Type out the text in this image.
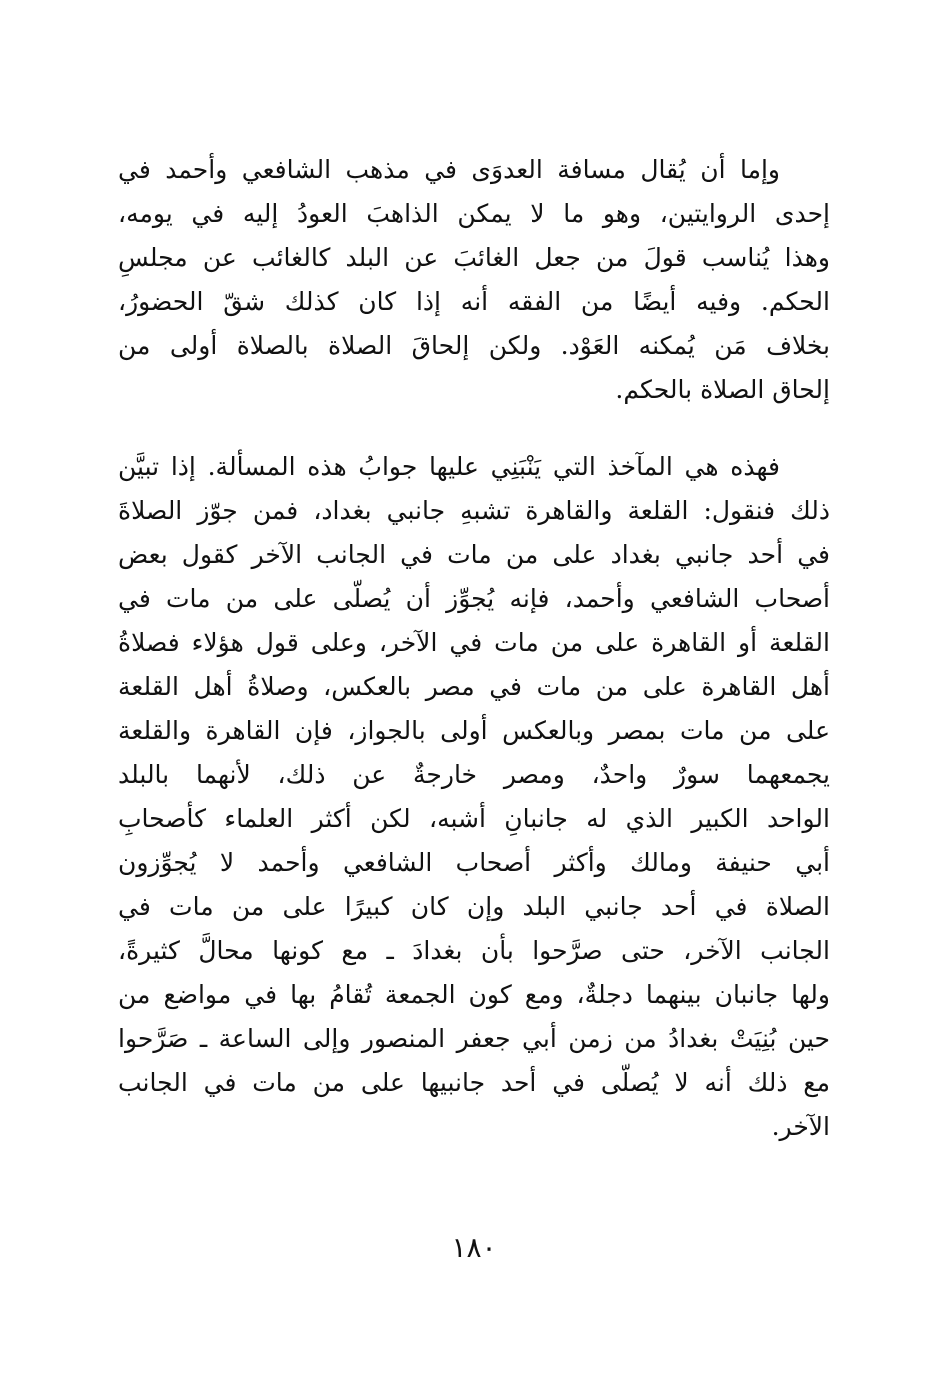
وإما أن يُقال مسافة العدوَى في مذهب الشافعي وأحمد في
إحدى الروايتين، وهو ما لا يمكن الذاهبَ العودُ إليه في يومه،
وهذا يُناسب قولَ من جعل الغائبَ عن البلد كالغائب عن مجلسِ
الحكم. وفيه أيضًا من الفقه أنه إذا كان كذلك شقّ الحضورُ،
بخلاف مَن يُمكنه العَوْد. ولكن إلحاقَ الصلاة بالصلاة أولى من
إلحاق الصلاة بالحكم.
فهذه هي المآخذ التي يَنْبَنِي عليها جوابُ هذه المسألة. إذا تبيَّن
ذلك فنقول: القلعة والقاهرة تشبهِ جانبي بغداد، فمن جوّز الصلاةَ
في أحد جانبي بغداد على من مات في الجانب الآخر كقول بعض
أصحاب الشافعي وأحمد، فإنه يُجوِّز أن يُصلّى على من مات في
القلعة أو القاهرة على من مات في الآخر، وعلى قول هؤلاء فصلاةُ
أهل القاهرة على من مات في مصر بالعكس، وصلاةُ أهل القلعة
على من مات بمصر وبالعكس أولى بالجواز، فإن القاهرة والقلعة
يجمعهما سورٌ واحدٌ، ومصر خارجةٌ عن ذلك، لأنهما بالبلد
الواحد الكبير الذي له جانبانِ أشبه، لكن أكثر العلماء كأصحابِ
أبي حنيفة ومالك وأكثر أصحاب الشافعي وأحمد لا يُجوِّزون
الصلاة في أحد جانبي البلد وإن كان كبيرًا على من مات في
الجانب الآخر، حتى صرَّحوا بأن بغدادَ ـ مع كونها محالَّ كثيرةً،
ولها جانبان بينهما دجلةٌ، ومع كون الجمعة تُقامُ بها في مواضع من
حين بُنِيَتْ بغدادُ من زمن أبي جعفر المنصور وإلى الساعة ـ صَرَّحوا
مع ذلك أنه لا يُصلّى في أحد جانبيها على من مات في الجانب
الآخر.
١٨٠
